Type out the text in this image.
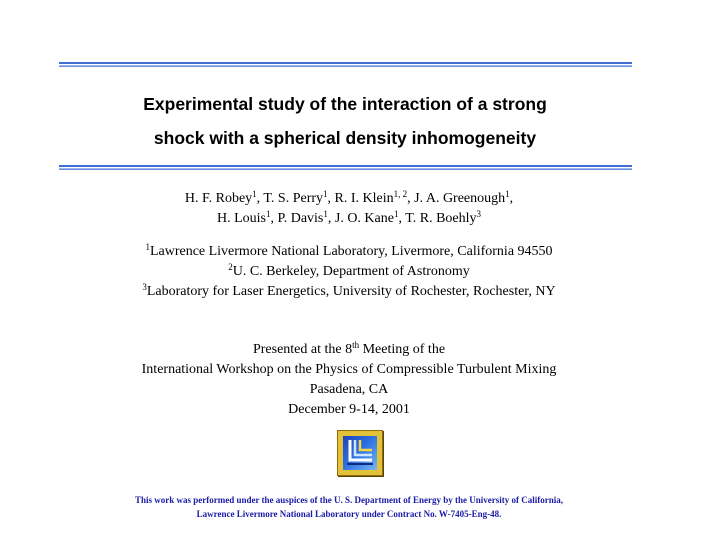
Experimental study of the interaction of a strong
shock with a spherical density inhomogeneity
H. F. Robey$^1$, T. S. Perry$^1$, R. I. Klein$^{1, 2}$, J. A. Greenough$^1$,
H. Louis$^1$, P. Davis$^1$, J. O. Kane$^1$, T. R. Boehly$^3$
$^1$Lawrence Livermore National Laboratory, Livermore, California 94550
$^2$U. C. Berkeley, Department of Astronomy
$^3$Laboratory for Laser Energetics, University of Rochester, Rochester, NY
Presented at the 8th Meeting of the
International Workshop on the Physics of Compressible Turbulent Mixing
Pasadena, CA
December 9-14, 2001
This work was performed under the auspices of the U. S. Department of Energy by the University of California,
Lawrence Livermore National Laboratory under Contract No. W-7405-Eng-48.
